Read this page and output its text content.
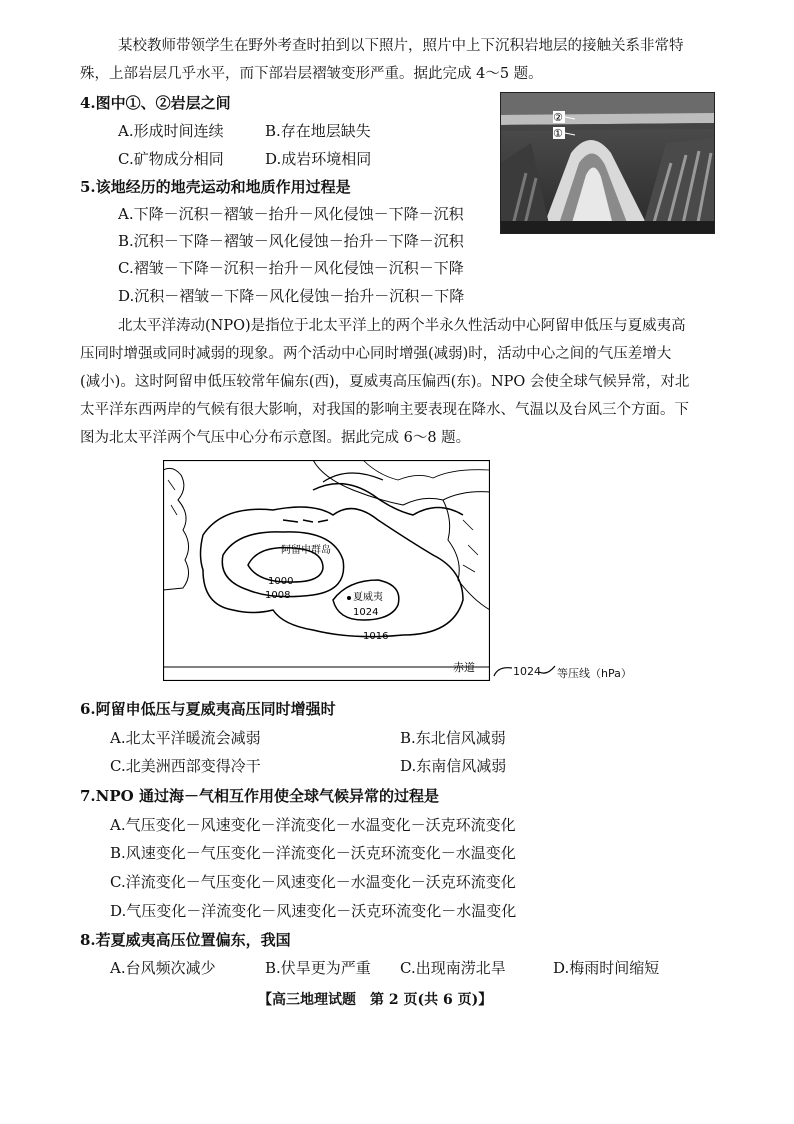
某校教师带领学生在野外考查时拍到以下照片，照片中上下沉积岩地层的接触关系非常特
殊，上部岩层几乎水平，而下部岩层褶皱变形严重。据此完成 4～5 题。
4.图中①、②岩层之间
A.形成时间连续	B.存在地层缺失
C.矿物成分相同	D.成岩环境相同
②
①
5.该地经历的地壳运动和地质作用过程是
A.下降－沉积－褶皱－抬升－风化侵蚀－下降－沉积
B.沉积－下降－褶皱－风化侵蚀－抬升－下降－沉积
C.褶皱－下降－沉积－抬升－风化侵蚀－沉积－下降
D.沉积－褶皱－下降－风化侵蚀－抬升－沉积－下降
北太平洋涛动(NPO)是指位于北太平洋上的两个半永久性活动中心阿留申低压与夏威夷高
压同时增强或同时减弱的现象。两个活动中心同时增强(减弱)时，活动中心之间的气压差增大
(减小)。这时阿留申低压较常年偏东(西)，夏威夷高压偏西(东)。NPO 会使全球气候异常，对北
太平洋东西两岸的气候有很大影响，对我国的影响主要表现在降水、气温以及台风三个方面。下
图为北太平洋两个气压中心分布示意图。据此完成 6～8 题。
阿留申群岛
夏威夷
1000
1008
1024
1016
赤道	1024 等压线（hPa）
6.阿留申低压与夏威夷高压同时增强时
A.北太平洋暖流会减弱	B.东北信风减弱
C.北美洲西部变得冷干	D.东南信风减弱
7.NPO 通过海－气相互作用使全球气候异常的过程是
A.气压变化－风速变化－洋流变化－水温变化－沃克环流变化
B.风速变化－气压变化－洋流变化－沃克环流变化－水温变化
C.洋流变化－气压变化－风速变化－水温变化－沃克环流变化
D.气压变化－洋流变化－风速变化－沃克环流变化－水温变化
8.若夏威夷高压位置偏东，我国
A.台风频次减少	B.伏旱更为严重 C.出现南涝北旱	D.梅雨时间缩短
【高三地理试题　第 2 页(共 6 页)】
